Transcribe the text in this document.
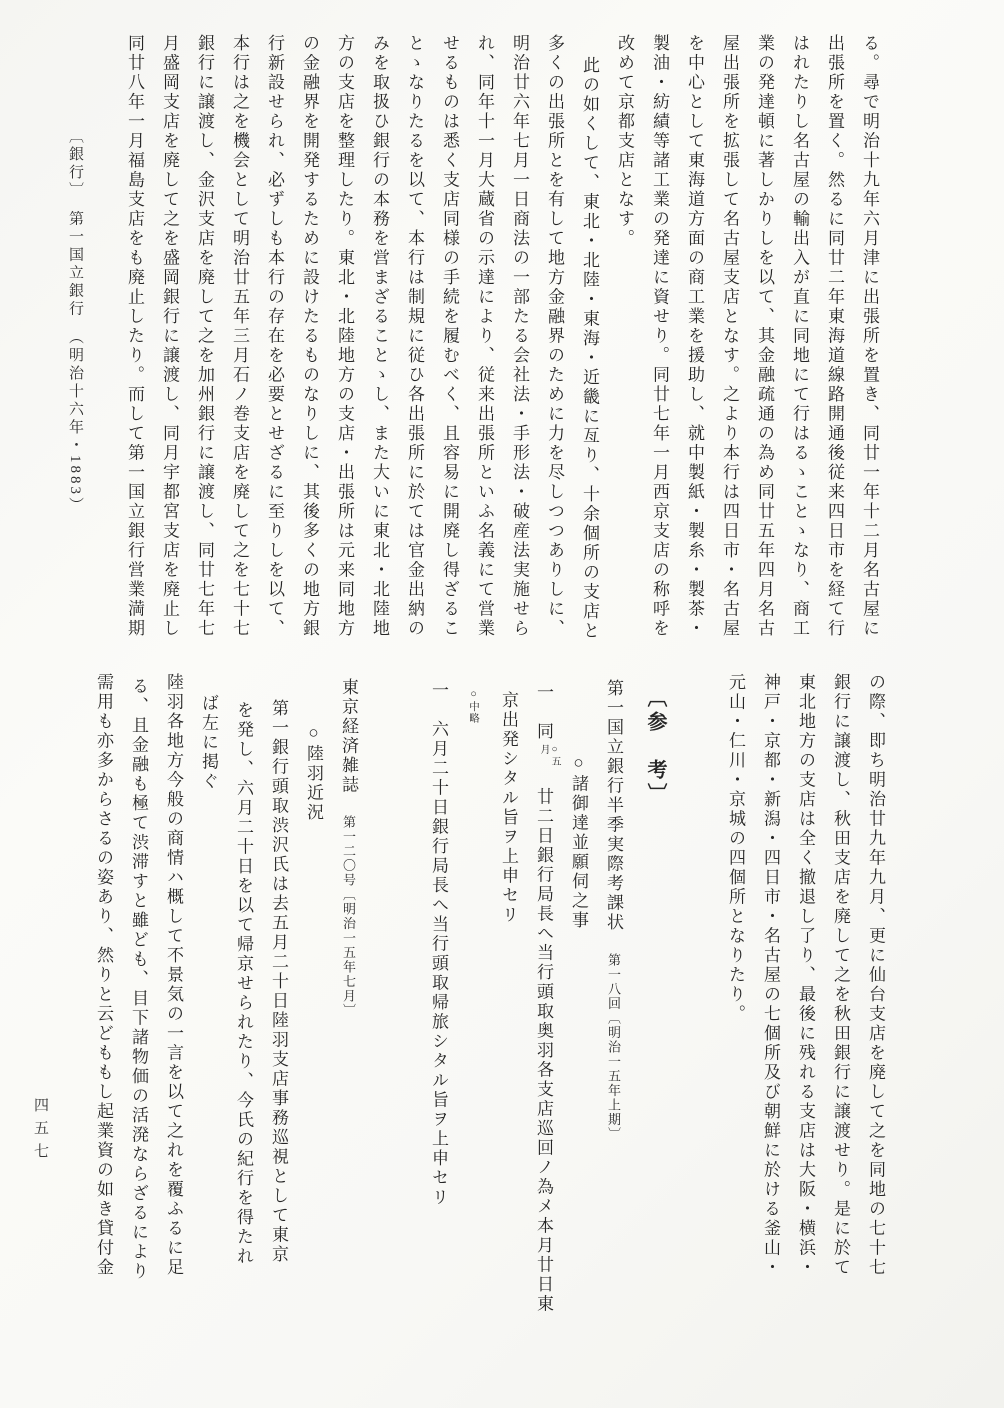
る。尋で明治十九年六月津に出張所を置き、同廿一年十二月名古屋に
出張所を置く。然るに同廿二年東海道線路開通後従来四日市を経て行
はれたりし名古屋の輸出入が直に同地にて行はるゝことゝなり、商工
業の発達頓に著しかりしを以て、其金融疏通の為め同廿五年四月名古
屋出張所を拡張して名古屋支店となす。之より本行は四日市・名古屋
を中心として東海道方面の商工業を援助し、就中製紙・製糸・製茶・
製油・紡績等諸工業の発達に資せり。同廿七年一月西京支店の称呼を
改めて京都支店となす。
此の如くして、東北・北陸・東海・近畿に亙り、十余個所の支店と
多くの出張所とを有して地方金融界のために力を尽しつつありしに、
明治廿六年七月一日商法の一部たる会社法・手形法・破産法実施せら
れ、同年十一月大蔵省の示達により、従来出張所といふ名義にて営業
せるものは悉く支店同様の手続を履むべく、且容易に開廃し得ざるこ
とゝなりたるを以て、本行は制規に従ひ各出張所に於ては官金出納の
みを取扱ひ銀行の本務を営まざることゝし、また大いに東北・北陸地
方の支店を整理したり。東北・北陸地方の支店・出張所は元来同地方
の金融界を開発するために設けたるものなりしに、其後多くの地方銀
行新設せられ、必ずしも本行の存在を必要とせざるに至りしを以て、
本行は之を機会として明治廿五年三月石ノ巻支店を廃して之を七十七
銀行に譲渡し、金沢支店を廃して之を加州銀行に譲渡し、同廿七年七
月盛岡支店を廃して之を盛岡銀行に譲渡し、同月宇都宮支店を廃止し
同廿八年一月福島支店をも廃止したり。而して第一国立銀行営業満期
〔銀行〕　第一国立銀行　（明治十六年・1883）
の際、即ち明治廿九年九月、更に仙台支店を廃して之を同地の七十七
銀行に譲渡し、秋田支店を廃して之を秋田銀行に譲渡せり。是に於て
東北地方の支店は全く撤退し了り、最後に残れる支店は大阪・横浜・
神戸・京都・新潟・四日市・名古屋の七個所及び朝鮮に於ける釜山・
元山・仁川・京城の四個所となりたり。
〔参　考〕
第一国立銀行半季実際考課状第一八回〔明治一五年上期〕
○諸御達並願伺之事
一　同○五月廿二日銀行局長へ当行頭取奥羽各支店巡回ノ為メ本月廿日東
京出発シタル旨ヲ上申セリ
○中略
一　六月二十日銀行局長へ当行頭取帰旅シタル旨ヲ上申セリ
東京経済雑誌第一二〇号〔明治一五年七月〕
○陸羽近況
第一銀行頭取渋沢氏は去五月二十日陸羽支店事務巡視として東京
を発し、六月二十日を以て帰京せられたり、今氏の紀行を得たれ
ば左に掲ぐ
陸羽各地方今般の商情ハ概して不景気の一言を以て之れを覆ふるに足
る、且金融も極て渋滞すと雖ども、目下諸物価の活溌ならざるにより
需用も亦多からさるの姿あり、然りと云どももし起業資の如き貸付金
四五七
